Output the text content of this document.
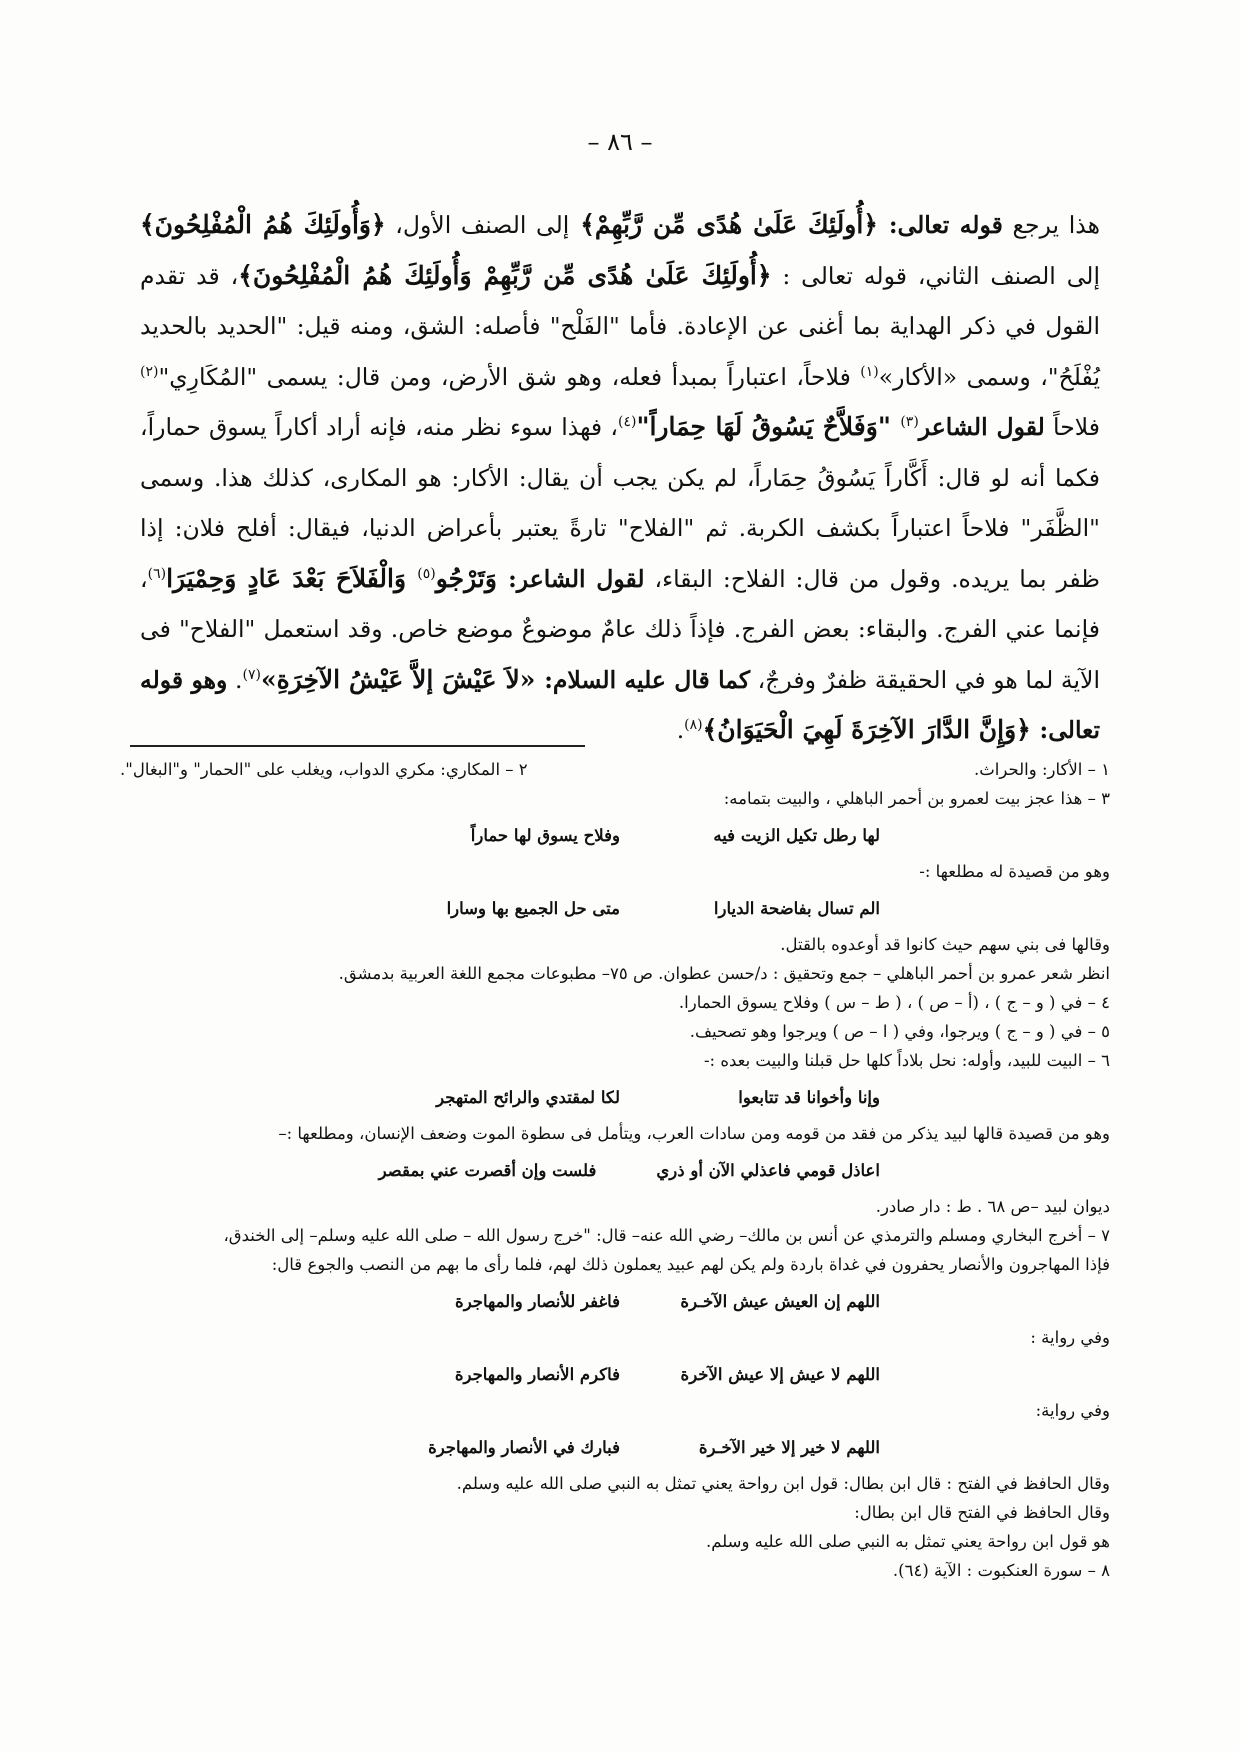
– ٨٦ –
هذا يرجع قوله تعالى: ﴿أُولَئِكَ عَلَىٰ هُدًى مِّن رَّبِّهِمْ﴾ إلى الصنف الأول، ﴿وَأُولَئِكَ هُمُ الْمُفْلِحُونَ﴾ إلى الصنف الثاني، قوله تعالى : ﴿أُولَئِكَ عَلَىٰ هُدًى مِّن رَّبِّهِمْ وَأُولَئِكَ هُمُ الْمُفْلِحُونَ﴾، قد تقدم القول في ذكر الهداية بما أغنى عن الإعادة. فأما "الفَلْح" فأصله: الشق، ومنه قيل: "الحديد بالحديد يُفْلَحُ"، وسمى «الأكار»$^{(١)}$ فلاحاً، اعتباراً بمبدأ فعله، وهو شق الأرض، ومن قال: يسمى "المُكَارِي"$^{(٢)}$ فلاحاً لقول الشاعر$^{(٣)}$ "وَفَلاَّحٌ يَسُوقُ لَهَا حِمَاراً"$^{(٤)}$، فهذا سوء نظر منه، فإنه أراد أكاراً يسوق حماراً، فكما أنه لو قال: أَكَّاراً يَسُوقُ حِمَاراً، لم يكن يجب أن يقال: الأكار: هو المكارى، كذلك هذا. وسمى "الظَّفَر" فلاحاً اعتباراً بكشف الكربة. ثم "الفلاح" تارةً يعتبر بأعراض الدنيا، فيقال: أفلح فلان: إذا ظفر بما يريده. وقول من قال: الفلاح: البقاء، لقول الشاعر: وَتَرْجُو$^{(٥)}$ وَالْفَلاَحَ بَعْدَ عَادٍ وَحِمْيَرَا$^{(٦)}$، فإنما عني الفرج. والبقاء: بعض الفرج. فإذاً ذلك عامٌ موضوعٌ موضع خاص. وقد استعمل "الفلاح" فى الآية لما هو في الحقيقة ظفرٌ وفرجٌ، كما قال عليه السلام: «لاَ عَيْشَ إلاَّ عَيْشُ الآخِرَةِ»$^{(٧)}$. وهو قوله تعالى: ﴿وَإِنَّ الدَّارَ الآخِرَةَ لَهِيَ الْحَيَوَانُ﴾$^{(٨)}$.
١ – الأكار: والحراث.
٢ – المكاري: مكري الدواب، ويغلب على "الحمار" و"البغال".
٣ – هذا عجز بيت لعمرو بن أحمر الباهلي ، والبيت بتمامه:
لها رطل تكيل الزيت فيه
وفلاح يسوق لها حماراً
وهو من قصيدة له مطلعها :-
الم تسال بفاضحة الديارا
متى حل الجميع بها وسارا
وقالها فى بني سهم حيث كانوا قد أوعدوه بالقتل.
انظر شعر عمرو بن أحمر الباهلي – جمع وتحقيق : د/حسن عطوان. ص ٧٥– مطبوعات مجمع اللغة العربية بدمشق.
٤ – في ( و – ج ) ، (أ – ص ) ، ( ط – س ) وفلاح يسوق الحمارا.
٥ – في ( و – ج ) ويرجوا، وفي ( ا – ص ) ويرجوا وهو تصحيف.
٦ – البيت للبيد، وأوله: نحل بلاداً كلها حل قبلنا والبيت بعده :-
وإنا وأخوانا قد تتابعوا
لكا لمقتدي والرائح المتهجر
وهو من قصيدة قالها لبيد يذكر من فقد من قومه ومن سادات العرب، ويتأمل فى سطوة الموت وضعف الإنسان، ومطلعها :–
اعاذل قومي فاعذلي الآن أو ذري
فلست وإن أقصرت عني بمقصر
ديوان لبيد –ص ٦٨ . ط : دار صادر.
٧ – أخرج البخاري ومسلم والترمذي عن أنس بن مالك– رضي الله عنه– قال: "خرج رسول الله – صلى الله عليه وسلم– إلى الخندق،
فإذا المهاجرون والأنصار يحفرون في غداة باردة ولم يكن لهم عبيد يعملون ذلك لهم، فلما رأى ما بهم من النصب والجوع قال:
اللهم إن العيش عيش الآخـرة
فاغفر للأنصار والمهاجرة
وفي رواية :
اللهم لا عيش إلا عيش الآخرة
فاكرم الأنصار والمهاجرة
وفي رواية:
اللهم لا خير إلا خير الآخـرة
فبارك في الأنصار والمهاجرة
وقال الحافظ في الفتح : قال ابن بطال: قول ابن رواحة يعني تمثل به النبي صلى الله عليه وسلم.
وقال الحافظ في الفتح قال ابن بطال:
هو قول ابن رواحة يعني تمثل به النبي صلى الله عليه وسلم.
٨ – سورة العنكبوت : الآية (٦٤).
